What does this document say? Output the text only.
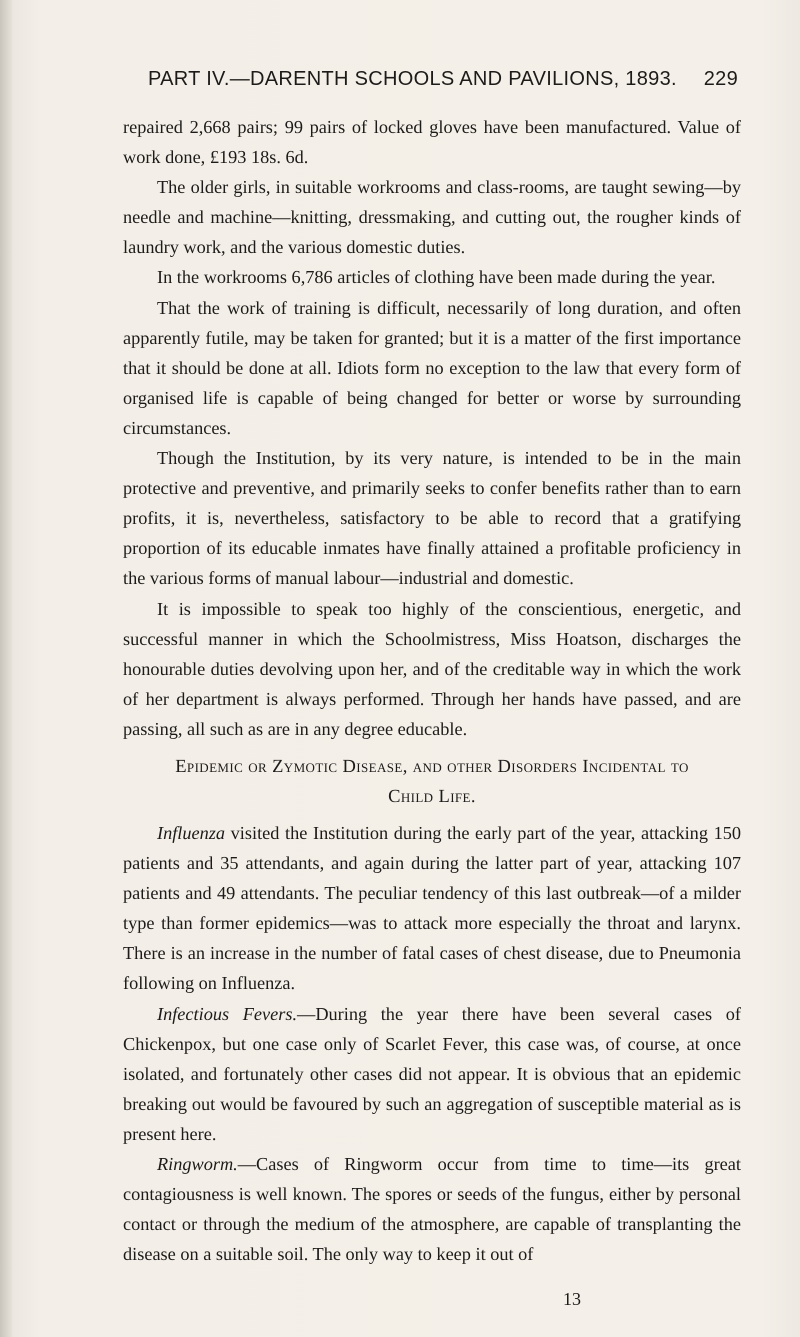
PART IV.—DARENTH SCHOOLS AND PAVILIONS, 1893. 229

repaired 2,668 pairs; 99 pairs of locked gloves have been manufactured. Value of work done, £193 18s. 6d.

The older girls, in suitable workrooms and class-rooms, are taught sewing—by needle and machine—knitting, dressmaking, and cutting out, the rougher kinds of laundry work, and the various domestic duties.

In the workrooms 6,786 articles of clothing have been made during the year.

That the work of training is difficult, necessarily of long duration, and often apparently futile, may be taken for granted; but it is a matter of the first importance that it should be done at all. Idiots form no exception to the law that every form of organised life is capable of being changed for better or worse by surrounding circumstances.

Though the Institution, by its very nature, is intended to be in the main protective and preventive, and primarily seeks to confer benefits rather than to earn profits, it is, nevertheless, satisfactory to be able to record that a gratifying proportion of its educable inmates have finally attained a profitable proficiency in the various forms of manual labour—industrial and domestic.

It is impossible to speak too highly of the conscientious, energetic, and successful manner in which the Schoolmistress, Miss Hoatson, discharges the honourable duties devolving upon her, and of the creditable way in which the work of her department is always performed. Through her hands have passed, and are passing, all such as are in any degree educable.

Epidemic or Zymotic Disease, and other Disorders Incidental to
Child Life.

Influenza visited the Institution during the early part of the year, attacking 150 patients and 35 attendants, and again during the latter part of year, attacking 107 patients and 49 attendants. The peculiar tendency of this last outbreak—of a milder type than former epidemics—was to attack more especially the throat and larynx. There is an increase in the number of fatal cases of chest disease, due to Pneumonia following on Influenza.

Infectious Fevers.—During the year there have been several cases of Chickenpox, but one case only of Scarlet Fever, this case was, of course, at once isolated, and fortunately other cases did not appear. It is obvious that an epidemic breaking out would be favoured by such an aggregation of susceptible material as is present here.

Ringworm.—Cases of Ringworm occur from time to time—its great contagiousness is well known. The spores or seeds of the fungus, either by personal contact or through the medium of the atmosphere, are capable of transplanting the disease on a suitable soil. The only way to keep it out of

13
